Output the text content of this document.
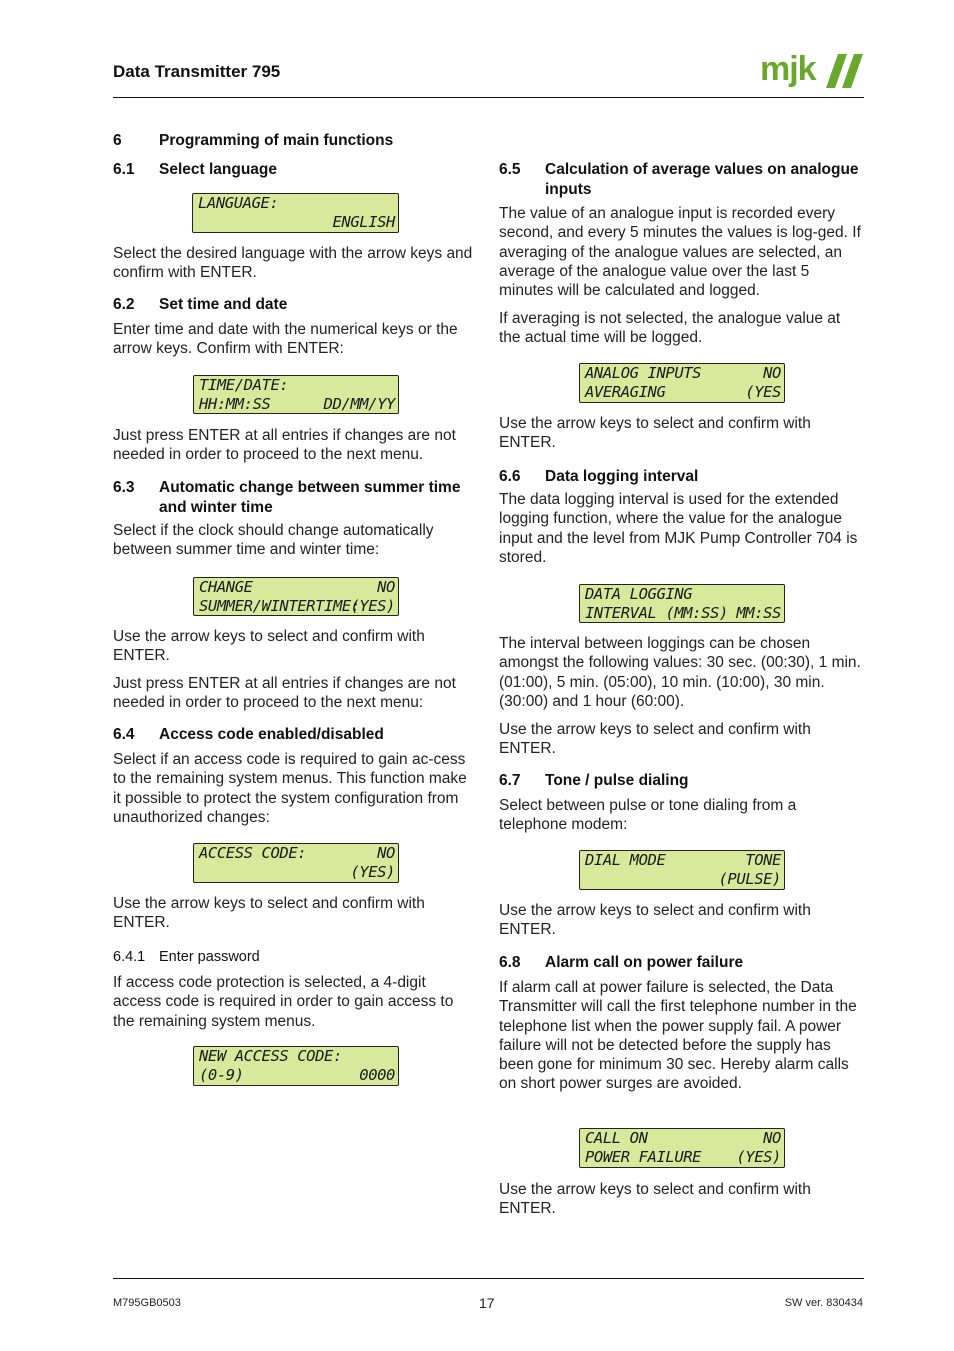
Data Transmitter 795	mjk
6	Programming of main functions
6.1	Select language
LANGUAGE:
ENGLISH
Select the desired language with the arrow keys and confirm with ENTER.
6.2	Set time and date
Enter time and date with the numerical keys or the arrow keys. Confirm with ENTER:
TIME/DATE:
HH:MM:SS	DD/MM/YY
Just press ENTER at all entries if changes are not needed in order to proceed to the next menu.
6.3	Automatic change between summer time and winter time
Select if the clock should change automatically between summer time and winter time:
CHANGE	NO
SUMMER/WINTERTIME:
(YES)
Use the arrow keys to select and confirm with ENTER.
Just press ENTER at all entries if changes are not needed in order to proceed to the next menu:
6.4	Access code enabled/disabled
Select if an access code is required to gain ac-cess to the remaining system menus. This function make it possible to protect the system configuration from unauthorized changes:
ACCESS CODE:	NO
(YES)
Use the arrow keys to select and confirm with ENTER.
6.4.1 Enter password
If access code protection is selected, a 4-digit access code is required in order to gain access to the remaining system menus.
NEW ACCESS CODE:
(0-9)	0000
6.5	Calculation of average values on analogue inputs
The value of an analogue input is recorded every second, and every 5 minutes the values is log-ged. If averaging of the analogue values are selected, an average of the analogue value over the last 5 minutes will be calculated and logged.
If averaging is not selected, the analogue value at the actual time will be logged.
ANALOG INPUTS	NO
AVERAGING	(YES
Use the arrow keys to select and confirm with ENTER.
6.6	Data logging interval
The data logging interval is used for the extended logging function, where the value for the analogue input and the level from MJK Pump Controller 704 is stored.
DATA LOGGING
INTERVAL (MM:SS) MM:SS
The interval between loggings can be chosen amongst the following values: 30 sec. (00:30), 1 min. (01:00), 5 min. (05:00), 10 min. (10:00), 30 min. (30:00) and 1 hour (60:00).
Use the arrow keys to select and confirm with ENTER.
6.7	Tone / pulse dialing
Select between pulse or tone dialing from a telephone modem:
DIAL MODE	TONE
(PULSE)
Use the arrow keys to select and confirm with ENTER.
6.8	Alarm call on power failure
If alarm call at power failure is selected, the Data Transmitter will call the first telephone number in the telephone list when the power supply fail. A power failure will not be detected before the supply has been gone for minimum 30 sec. Hereby alarm calls on short power surges are avoided.
CALL ON	NO
POWER FAILURE (YES)
Use the arrow keys to select and confirm with ENTER.
M795GB0503	17	SW ver. 830434
